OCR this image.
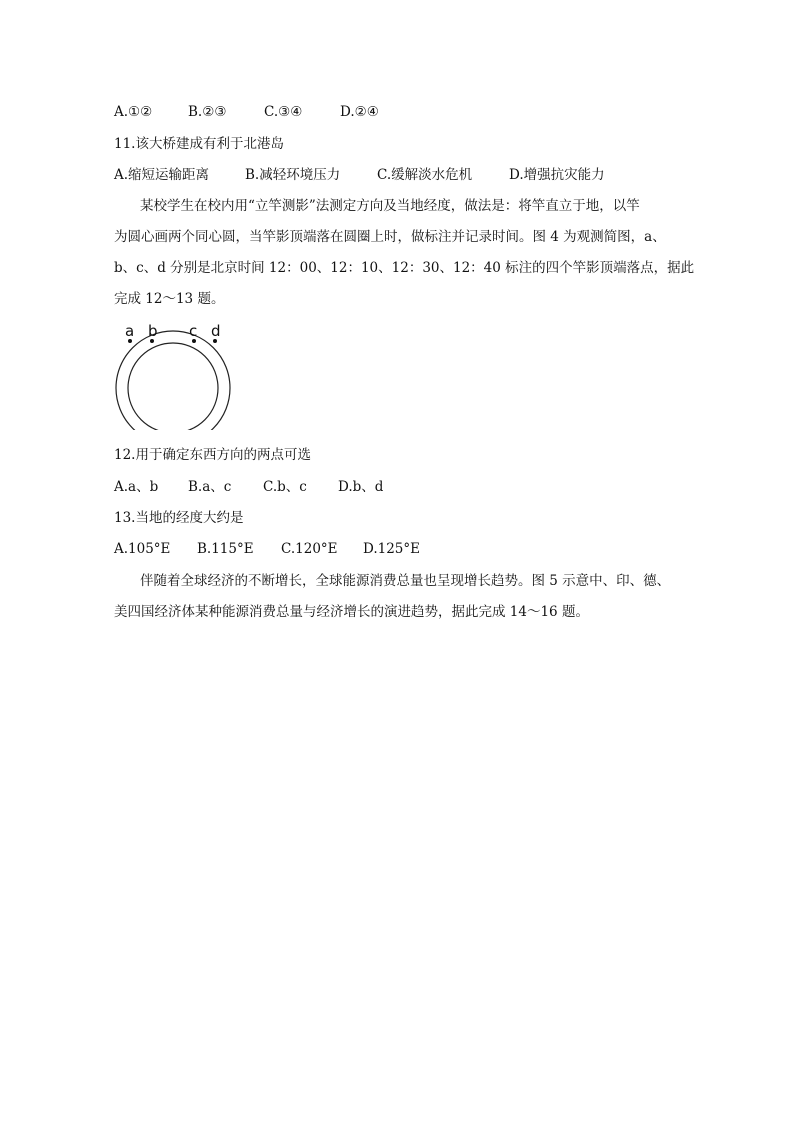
A.①②	B.②③	C.③④	D.②④
11.该大桥建成有利于北港岛
A.缩短运输距离	B.减轻环境压力	C.缓解淡水危机	D.增强抗灾能力
某校学生在校内用“立竿测影”法测定方向及当地经度，做法是：将竿直立于地，以竿
为圆心画两个同心圆，当竿影顶端落在圆圈上时，做标注并记录时间。图 4 为观测简图，a、
b、c、d 分别是北京时间 12：00、12：10、12：30、12：40 标注的四个竿影顶端落点，据此
完成 12～13 题。
a b c d
12.用于确定东西方向的两点可选
A.a、b B.a、c C.b、c D.b、d
13.当地的经度大约是
A.105°E B.115°E C.120°E D.125°E
伴随着全球经济的不断增长，全球能源消费总量也呈现增长趋势。图 5 示意中、印、德、
美四国经济体某种能源消费总量与经济增长的演进趋势，据此完成 14～16 题。
